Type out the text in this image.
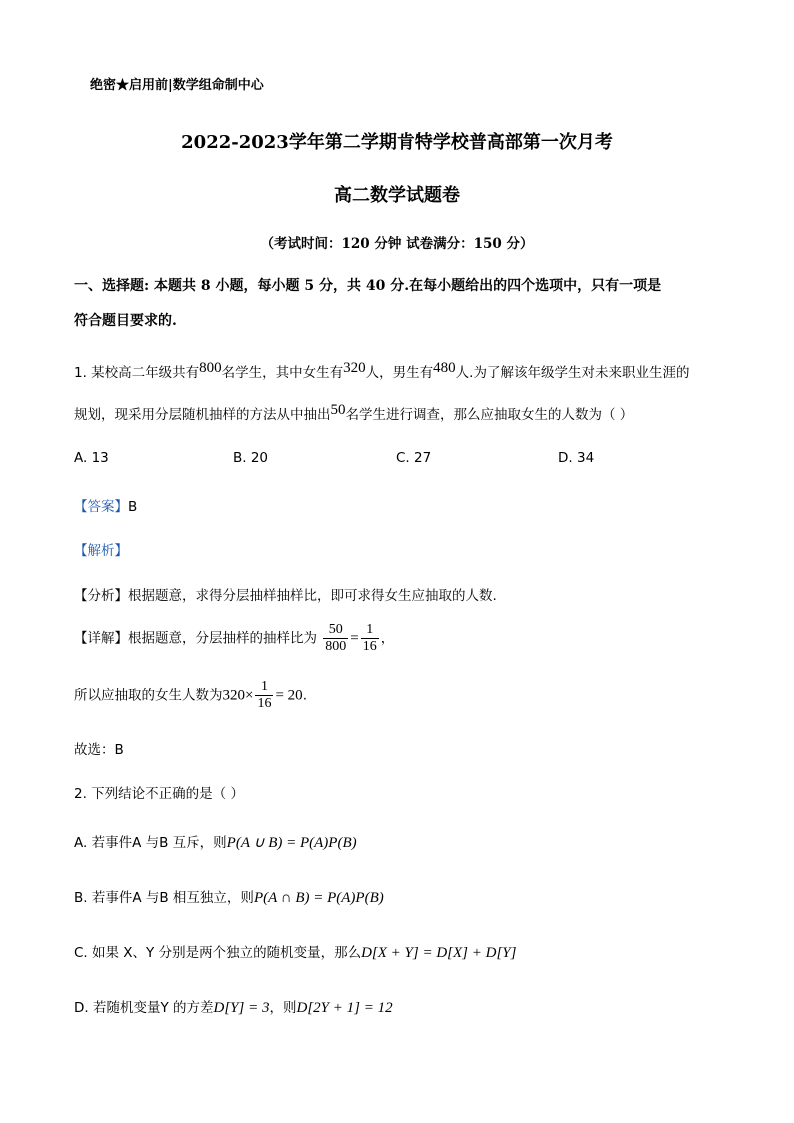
绝密★启用前|数学组命制中心
2022-2023学年第二学期肯特学校普高部第一次月考
高二数学试题卷
（考试时间：120 分钟 试卷满分：150 分）
一、选择题: 本题共 8 小题，每小题 5 分，共 40 分.在每小题给出的四个选项中，只有一项是
符合题目要求的.
1. 某校高二年级共有800名学生，其中女生有320人，男生有480人.为了解该年级学生对未来职业生涯的
规划，现采用分层随机抽样的方法从中抽出50名学生进行调查，那么应抽取女生的人数为（ ）
A. 13	B. 20	C. 27	D. 34
【答案】B
【解析】
【分析】根据题意，求得分层抽样抽样比，即可求得女生应抽取的人数.
【详解】根据题意，分层抽样的抽样比为 $\frac{50}{800} = \frac{1}{16}$ ，
所以应抽取的女生人数为$320\times \frac{1}{16} = 20$.
故选：B
2. 下列结论不正确的是（ ）
A. 若事件A 与B 互斥，则P(A ∪ B) = P(A)P(B)
B. 若事件A 与B 相互独立，则P(A ∩ B) = P(A)P(B)
C. 如果 X、Y 分别是两个独立的随机变量，那么D[X + Y] = D[X] + D[Y]
D. 若随机变量Y 的方差D[Y] = 3，则D[2Y + 1] = 12
